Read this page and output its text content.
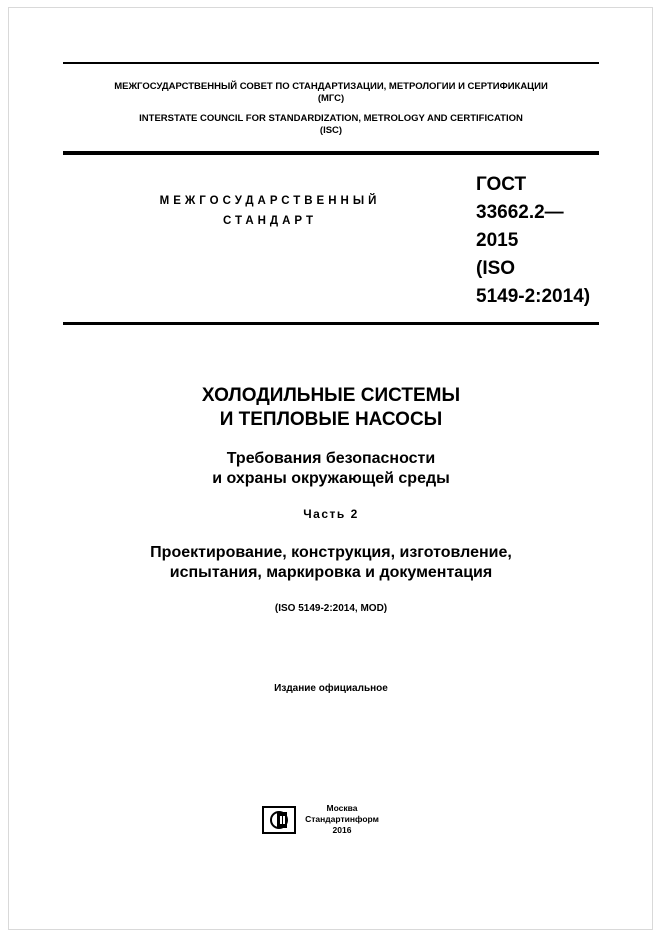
МЕЖГОСУДАРСТВЕННЫЙ СОВЕТ ПО СТАНДАРТИЗАЦИИ, МЕТРОЛОГИИ И СЕРТИФИКАЦИИ
(МГС)
INTERSTATE COUNCIL FOR STANDARDIZATION, METROLOGY AND CERTIFICATION
(ISC)
МЕЖГОСУДАРСТВЕННЫЙ
СТАНДАРТ
ГОСТ
33662.2—
2015
(ISO
5149-2:2014)
ХОЛОДИЛЬНЫЕ СИСТЕМЫ
И ТЕПЛОВЫЕ НАСОСЫ
Требования безопасности
и охраны окружающей среды
Часть 2
Проектирование, конструкция, изготовление,
испытания, маркировка и документация
(ISO 5149-2:2014, MOD)
Издание официальное
Москва
Стандартинформ
2016
